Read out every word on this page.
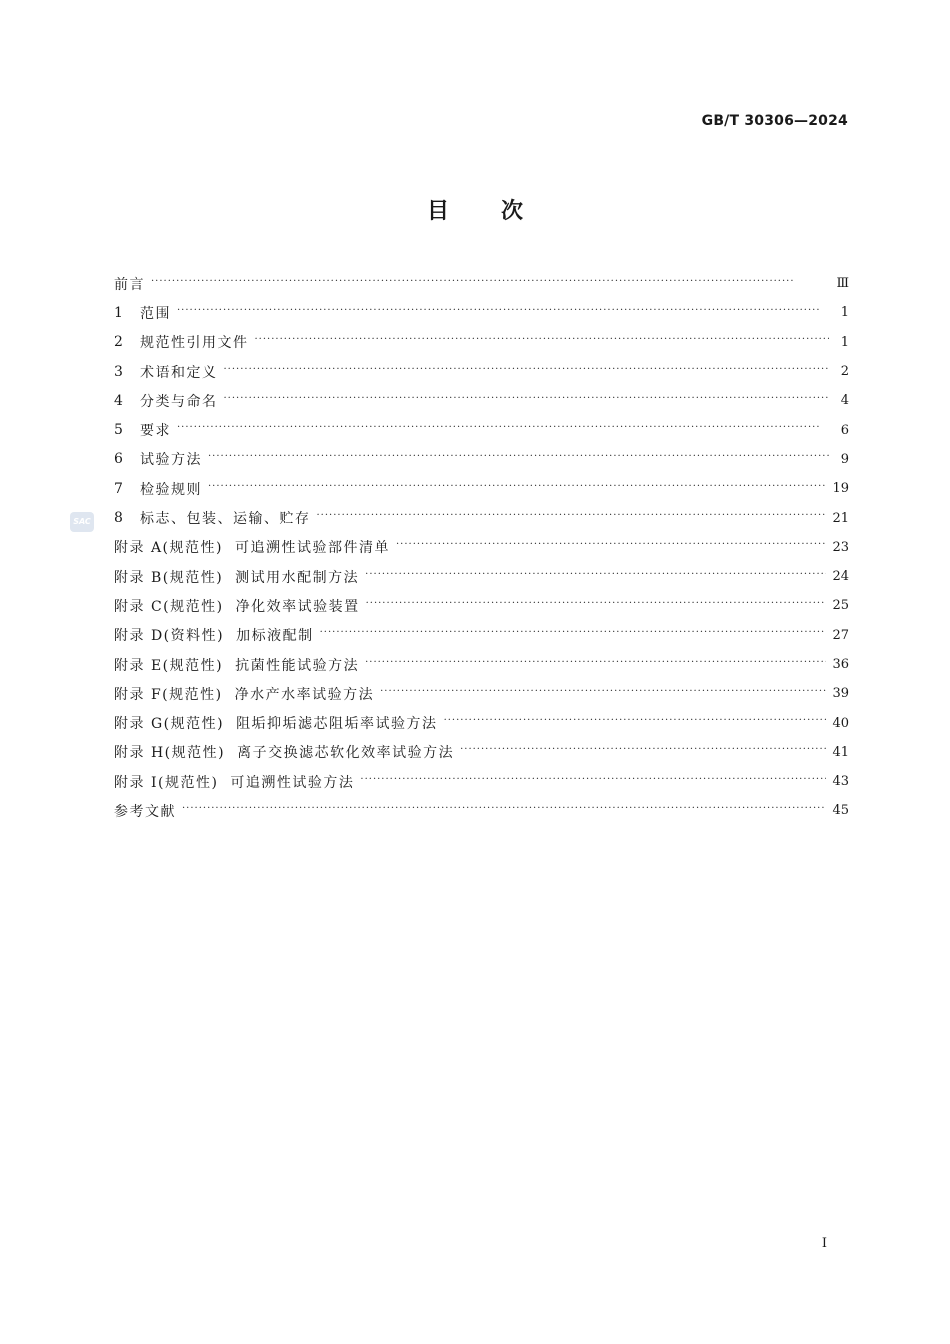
GB/T 30306—2024
目次
前言 ·····	Ⅲ
1	范围 ·····	1
2	规范性引用文件 ·····	1
3	术语和定义 ·····	2
4	分类与命名 ·····	4
5	要求 ·····	6
6	试验方法 ·····	9
7	检验规则 ·····	19
8	标志、包装、运输、贮存 ·····	21
附录 A(规范性) 可追溯性试验部件清单 ·····	23
附录 B(规范性) 测试用水配制方法 ·····	24
附录 C(规范性) 净化效率试验装置 ·····	25
附录 D(资料性) 加标液配制 ·····	27
附录 E(规范性) 抗菌性能试验方法 ·····	36
附录 F(规范性) 净水产水率试验方法 ·····	39
附录 G(规范性) 阻垢抑垢滤芯阻垢率试验方法 ·····	40
附录 H(规范性) 离子交换滤芯软化效率试验方法 ·····	41
附录 I(规范性) 可追溯性试验方法 ·····	43
参考文献 ·····	45
SAC
I
